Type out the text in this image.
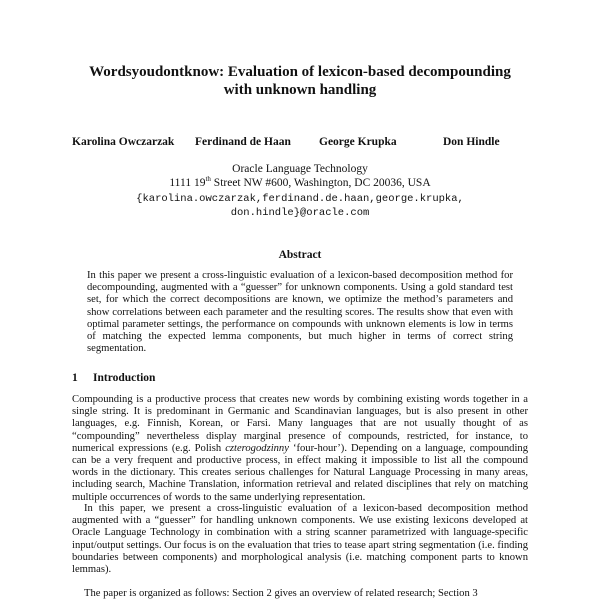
Wordsyoudontknow: Evaluation of lexicon-based decompounding
with unknown handling
Karolina Owczarzak Ferdinand de Haan George Krupka	Don Hindle
Oracle Language Technology
1111 19th Street NW #600, Washington, DC 20036, USA
{karolina.owczarzak,ferdinand.de.haan,george.krupka,
don.hindle}@oracle.com
Abstract

In this paper we present a cross-linguistic evaluation of a lexicon-based decomposition method for decompounding, augmented with a “guesser” for unknown components. Using a gold standard test set, for which the correct decompositions are known, we optimize the method’s parameters and show correlations between each parameter and the resulting scores. The results show that even with optimal parameter settings, the performance on compounds with unknown elements is low in terms of matching the expected lemma components, but much higher in terms of correct string segmentation.

1 Introduction

Compounding is a productive process that creates new words by combining existing words together in a single string. It is predominant in Germanic and Scandinavian languages, but is also present in other languages, e.g. Finnish, Korean, or Farsi. Many languages that are not usually thought of as “compounding” nevertheless display marginal presence of compounds, restricted, for instance, to numerical expressions (e.g. Polish czterogodzinny ‘four-hour’). Depending on a language, compounding can be a very frequent and productive process, in effect making it impossible to list all the compound words in the dictionary. This creates serious challenges for Natural Language Processing in many areas, including search, Machine Translation, information retrieval and related disciplines that rely on matching multiple occurrences of words to the same underlying representation.

In this paper, we present a cross-linguistic evaluation of a lexicon-based decomposition method augmented with a “guesser” for handling unknown components. We use existing lexicons developed at Oracle Language Technology in combination with a string scanner parametrized with language-specific input/output settings. Our focus is on the evaluation that tries to tease apart string segmentation (i.e. finding boundaries between components) and morphological analysis (i.e. matching component parts to known lemmas).

The paper is organized as follows: Section 2 gives an overview of related research; Section 3
